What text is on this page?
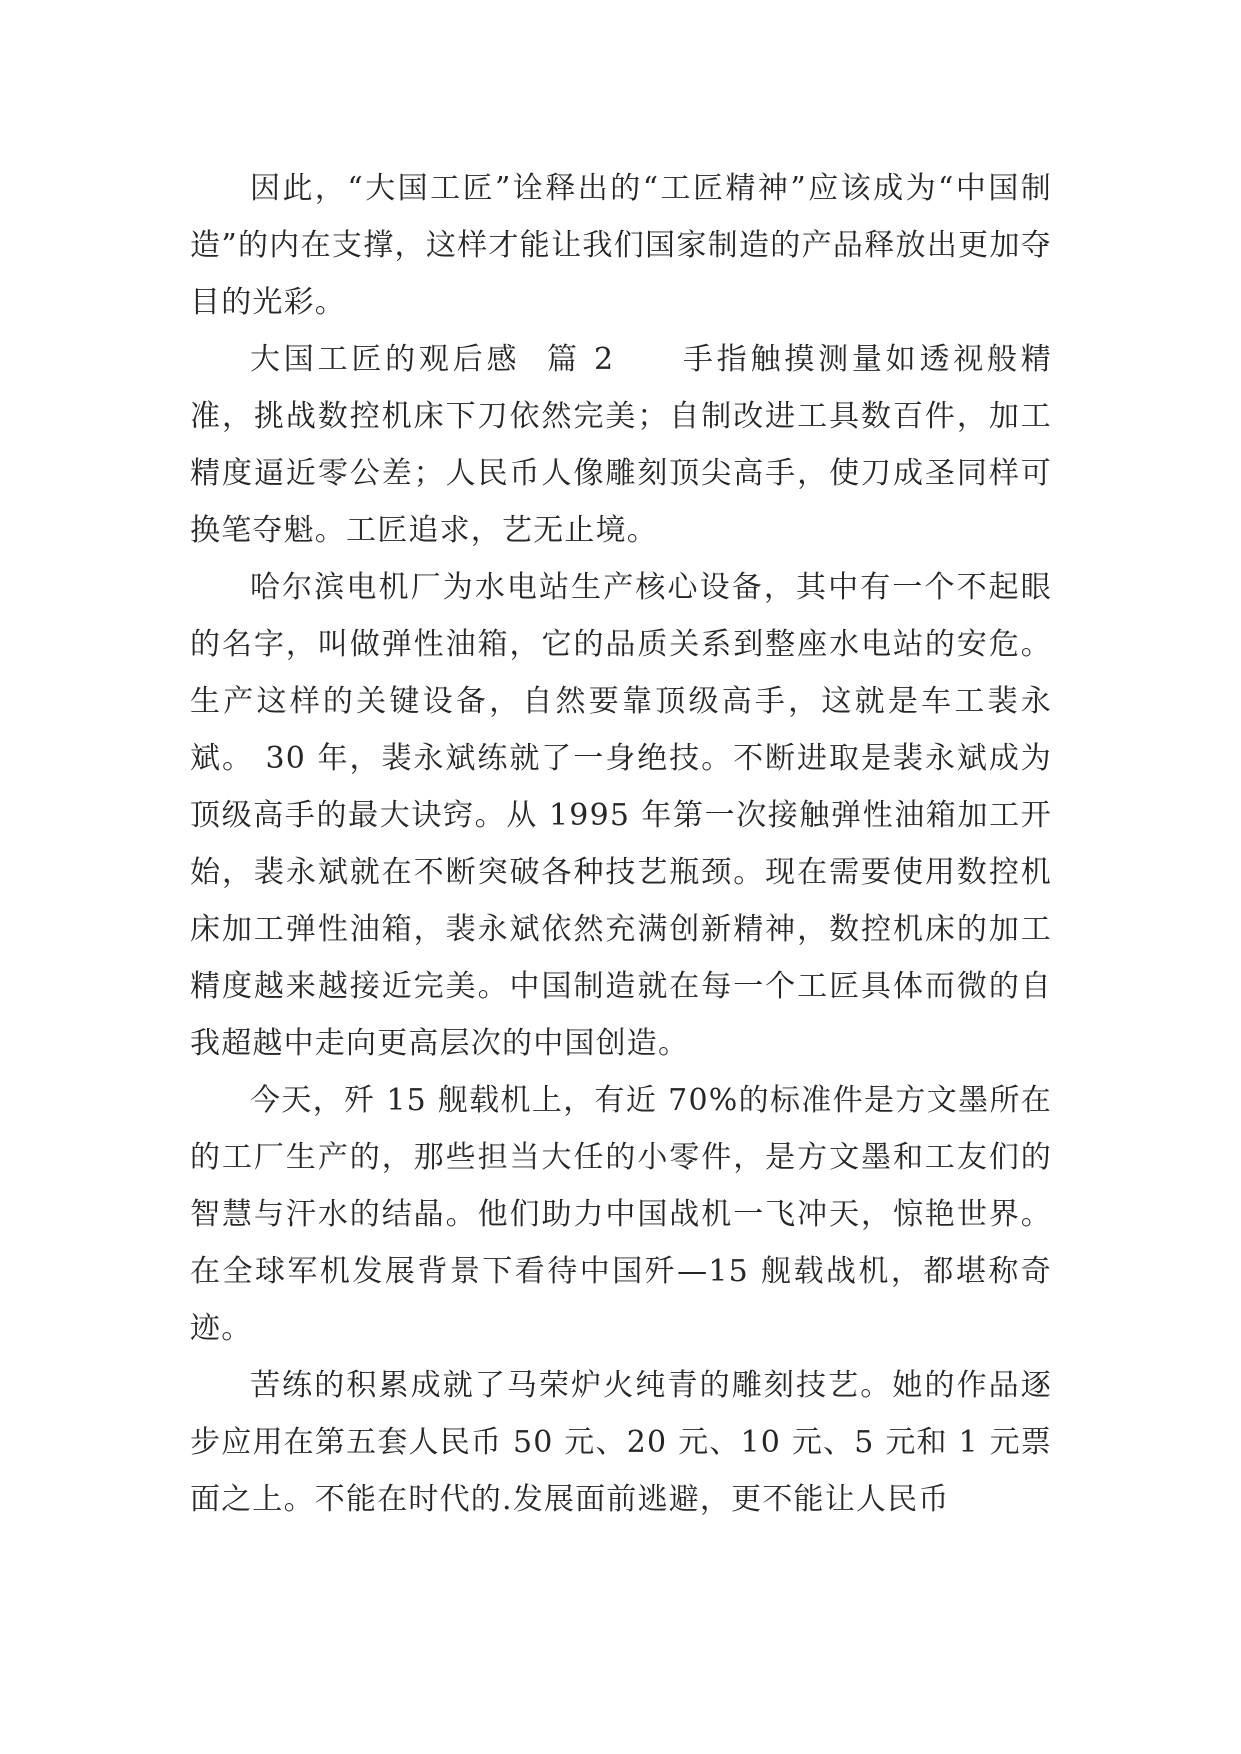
因此，“大国工匠”诠释出的“工匠精神”应该成为“中国制造”的内在支撑，这样才能让我们国家制造的产品释放出更加夺目的光彩。

大国工匠的观后感 篇 2 手指触摸测量如透视般精准，挑战数控机床下刀依然完美；自制改进工具数百件，加工精度逼近零公差；人民币人像雕刻顶尖高手，使刀成圣同样可换笔夺魁。工匠追求，艺无止境。

哈尔滨电机厂为水电站生产核心设备，其中有一个不起眼的名字，叫做弹性油箱，它的品质关系到整座水电站的安危。生产这样的关键设备，自然要靠顶级高手，这就是车工裴永斌。 30 年，裴永斌练就了一身绝技。不断进取是裴永斌成为顶级高手的最大诀窍。从 1995 年第一次接触弹性油箱加工开始，裴永斌就在不断突破各种技艺瓶颈。现在需要使用数控机床加工弹性油箱，裴永斌依然充满创新精神，数控机床的加工精度越来越接近完美。中国制造就在每一个工匠具体而微的自我超越中走向更高层次的中国创造。

今天，歼 15 舰载机上，有近 70%的标准件是方文墨所在的工厂生产的，那些担当大任的小零件，是方文墨和工友们的智慧与汗水的结晶。他们助力中国战机一飞冲天，惊艳世界。在全球军机发展背景下看待中国歼—15 舰载战机，都堪称奇迹。

苦练的积累成就了马荣炉火纯青的雕刻技艺。她的作品逐步应用在第五套人民币 50 元、20 元、10 元、5 元和 1 元票面之上。不能在时代的.发展面前逃避，更不能让人民币
